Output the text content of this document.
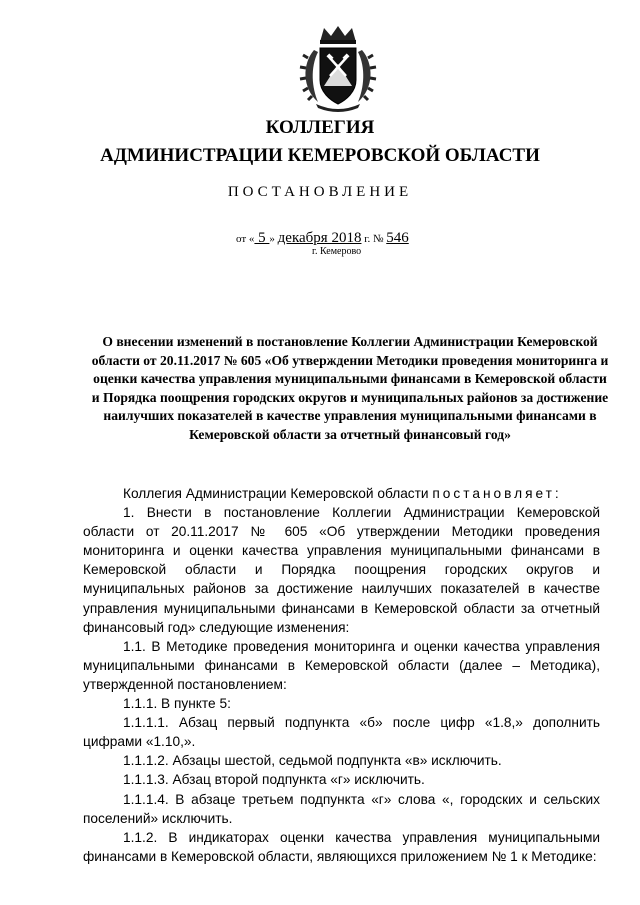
КОЛЛЕГИЯ
АДМИНИСТРАЦИИ КЕМЕРОВСКОЙ ОБЛАСТИ
ПОСТАНОВЛЕНИЕ
от « 5 » декабря 2018 г. № 546
г. Кемерово
О внесении изменений в постановление Коллегии Администрации Кемеровской области от 20.11.2017 № 605 «Об утверждении Методики проведения мониторинга и оценки качества управления муниципальными финансами в Кемеровской области и Порядка поощрения городских округов и муниципальных районов за достижение наилучших показателей в качестве управления муниципальными финансами в Кемеровской области за отчетный финансовый год»

Коллегия Администрации Кемеровской области постановляет:

1. Внести в постановление Коллегии Администрации Кемеровской области от 20.11.2017 № 605 «Об утверждении Методики проведения мониторинга и оценки качества управления муниципальными финансами в Кемеровской области и Порядка поощрения городских округов и муниципальных районов за достижение наилучших показателей в качестве управления муниципальными финансами в Кемеровской области за отчетный финансовый год» следующие изменения:

1.1. В Методике проведения мониторинга и оценки качества управления муниципальными финансами в Кемеровской области (далее – Методика), утвержденной постановлением:

1.1.1. В пункте 5:

1.1.1.1. Абзац первый подпункта «б» после цифр «1.8,» дополнить цифрами «1.10,».

1.1.1.2. Абзацы шестой, седьмой подпункта «в» исключить.

1.1.1.3. Абзац второй подпункта «г» исключить.

1.1.1.4. В абзаце третьем подпункта «г» слова «, городских и сельских поселений» исключить.

1.1.2. В индикаторах оценки качества управления муниципальными финансами в Кемеровской области, являющихся приложением № 1 к Методике:
